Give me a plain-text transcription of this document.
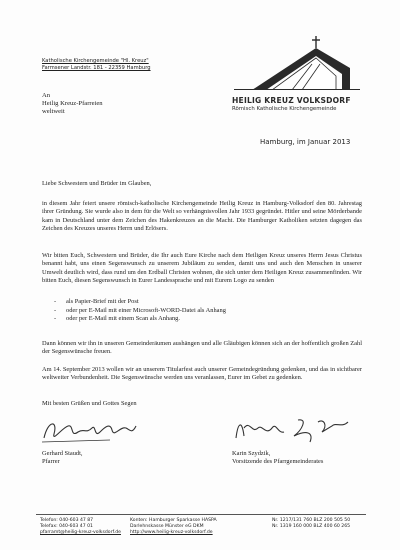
Katholische Kirchengemeinde "Hl. Kreuz"
Farmsener Landstr. 181 - 22359 Hamburg
An
Heilig Kreuz-Pfarreien
weltweit
HEILIG KREUZ VOLKSDORF
Römisch Katholische Kirchengemeinde
Hamburg, im Januar 2013
Liebe Schwestern und Brüder im Glauben,
in diesem Jahr feiert unsere römisch-katholische Kirchengemeinde Heilig Kreuz in Hamburg-Volksdorf den 80. Jahrestag ihrer Gründung. Sie wurde also in dem für die Welt so verhängnisvollen Jahr 1933 gegründet. Hitler und seine Mörderbande kam in Deutschland unter dem Zeichen des Hakenkreuzes an die Macht. Die Hamburger Katholiken setzten dagegen das Zeichen des Kreuzes unseres Herrn und Erlösers.
Wir bitten Euch, Schwestern und Brüder, die Ihr auch Eure Kirche nach dem Heiligen Kreuz unseres Herrn Jesus Christus benannt habt, uns einen Segenswunsch zu unserem Jubiläum zu senden, damit uns und auch den Menschen in unserer Umwelt deutlich wird, dass rund um den Erdball Christen wohnen, die sich unter dem Heiligen Kreuz zusammenfinden. Wir bitten Euch, diesen Segenswunsch in Eurer Landessprache und mit Eurem Logo zu senden
- als Papier-Brief mit der Post
- oder per E-Mail mit einer Microsoft-WORD-Datei als Anhang
- oder per E-Mail mit einem Scan als Anhang.
Dann können wir ihn in unseren Gemeinderäumen aushängen und alle Gläubigen können sich an der hoffentlich großen Zahl der Segenswünsche freuen.
Am 14. September 2013 wollen wir an unserem Titularfest auch unserer Gemeindegründung gedenken, und das in sichtbarer weltweiter Verbundenheit. Die Segenswünsche werden uns veranlassen, Eurer im Gebet zu gedenken.
Mit besten Grüßen und Gottes Segen
Gerhard Staudt,
Pfarrer
Karin Szydzik,
Vorsitzende des Pfarrgemeinderates
Telefon: 040-603 47 87
Telefax: 040-603 47 01
pfarramt@heilig-kreuz-volksdorf.de
Konten: Hamburger Sparkasse HASPA
Darlehnskasse Münster eG DKM
http://www.heilig-kreuz-volksdorf.de
Nr. 1217/131 760 BLZ 200 505 50
Nr. 1319 160 000 BLZ 400 60 265
